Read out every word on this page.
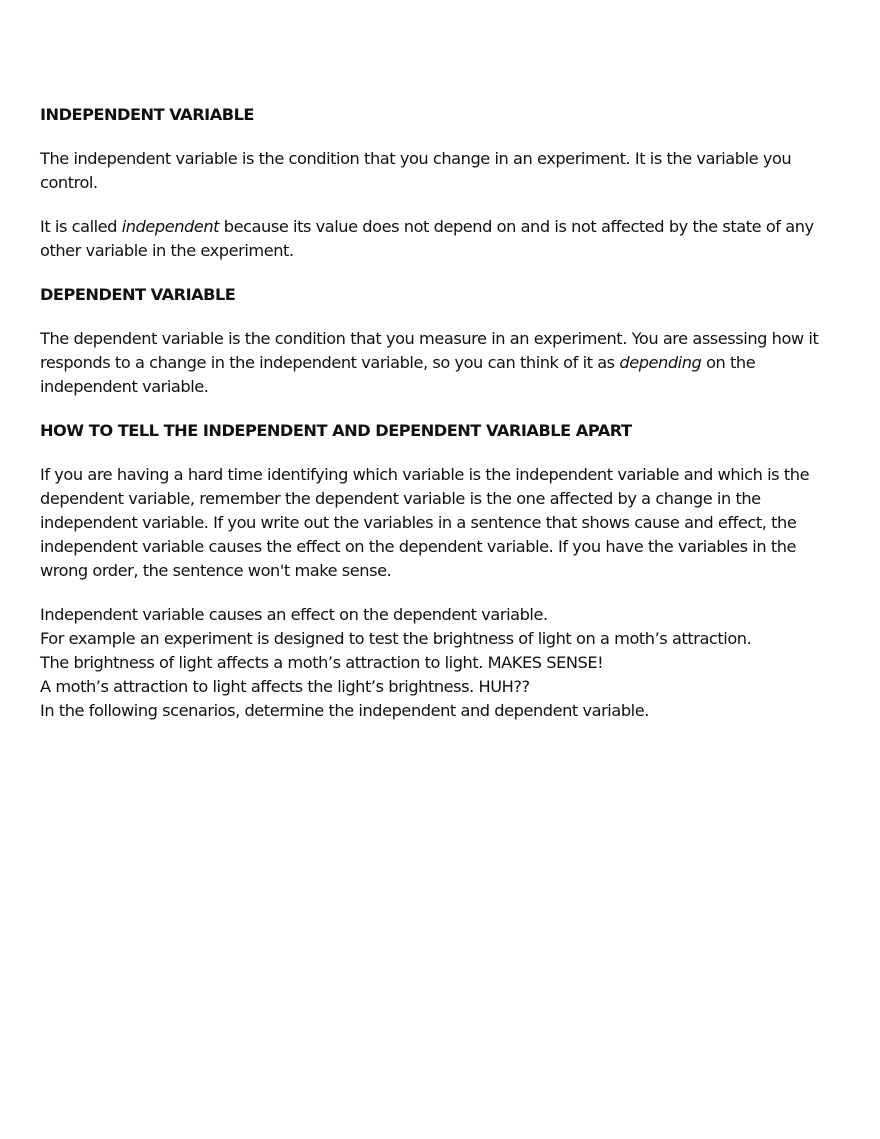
INDEPENDENT VARIABLE

The independent variable is the condition that you change in an experiment. It is the variable you control.

It is called independent because its value does not depend on and is not affected by the state of any other variable in the experiment.

DEPENDENT VARIABLE

The dependent variable is the condition that you measure in an experiment. You are assessing how it responds to a change in the independent variable, so you can think of it as depending on the independent variable.

HOW TO TELL THE INDEPENDENT AND DEPENDENT VARIABLE APART

If you are having a hard time identifying which variable is the independent variable and which is the dependent variable, remember the dependent variable is the one affected by a change in the independent variable. If you write out the variables in a sentence that shows cause and effect, the independent variable causes the effect on the dependent variable. If you have the variables in the wrong order, the sentence won't make sense.

Independent variable causes an effect on the dependent variable.
For example an experiment is designed to test the brightness of light on a moth’s attraction.
The brightness of light affects a moth’s attraction to light. MAKES SENSE!
A moth’s attraction to light affects the light’s brightness. HUH??
In the following scenarios, determine the independent and dependent variable.
